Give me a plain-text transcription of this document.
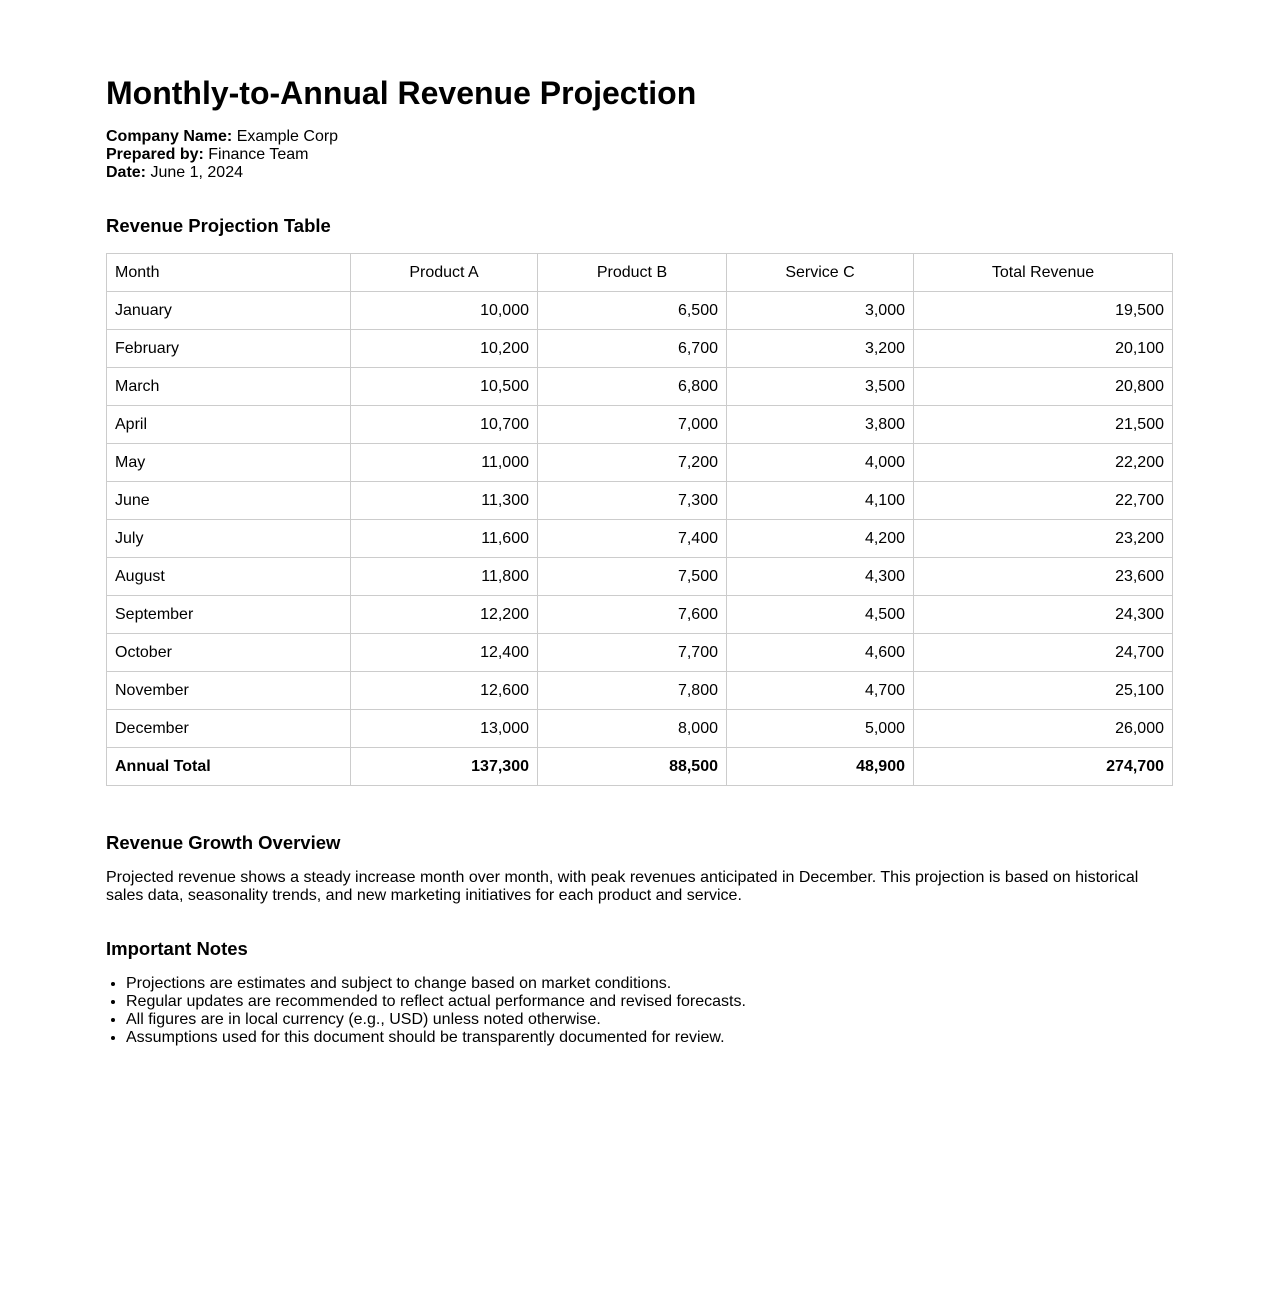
Monthly-to-Annual Revenue Projection
Company Name: Example Corp
Prepared by: Finance Team
Date: June 1, 2024
Revenue Projection Table
Month	Product A	Product B	Service C	Total Revenue
January	10,000	6,500	3,000	19,500
February	10,200	6,700	3,200	20,100
March	10,500	6,800	3,500	20,800
April	10,700	7,000	3,800	21,500
May	11,000	7,200	4,000	22,200
June	11,300	7,300	4,100	22,700
July	11,600	7,400	4,200	23,200
August	11,800	7,500	4,300	23,600
September	12,200	7,600	4,500	24,300
October	12,400	7,700	4,600	24,700
November	12,600	7,800	4,700	25,100
December	13,000	8,000	5,000	26,000
Annual Total	137,300	88,500	48,900	274,700
Revenue Growth Overview

Projected revenue shows a steady increase month over month, with peak revenues anticipated in December. This projection is based on historical sales data, seasonality trends, and new marketing initiatives for each product and service.

Important Notes
• Projections are estimates and subject to change based on market conditions.
• Regular updates are recommended to reflect actual performance and revised forecasts.
• All figures are in local currency (e.g., USD) unless noted otherwise.
• Assumptions used for this document should be transparently documented for review.
